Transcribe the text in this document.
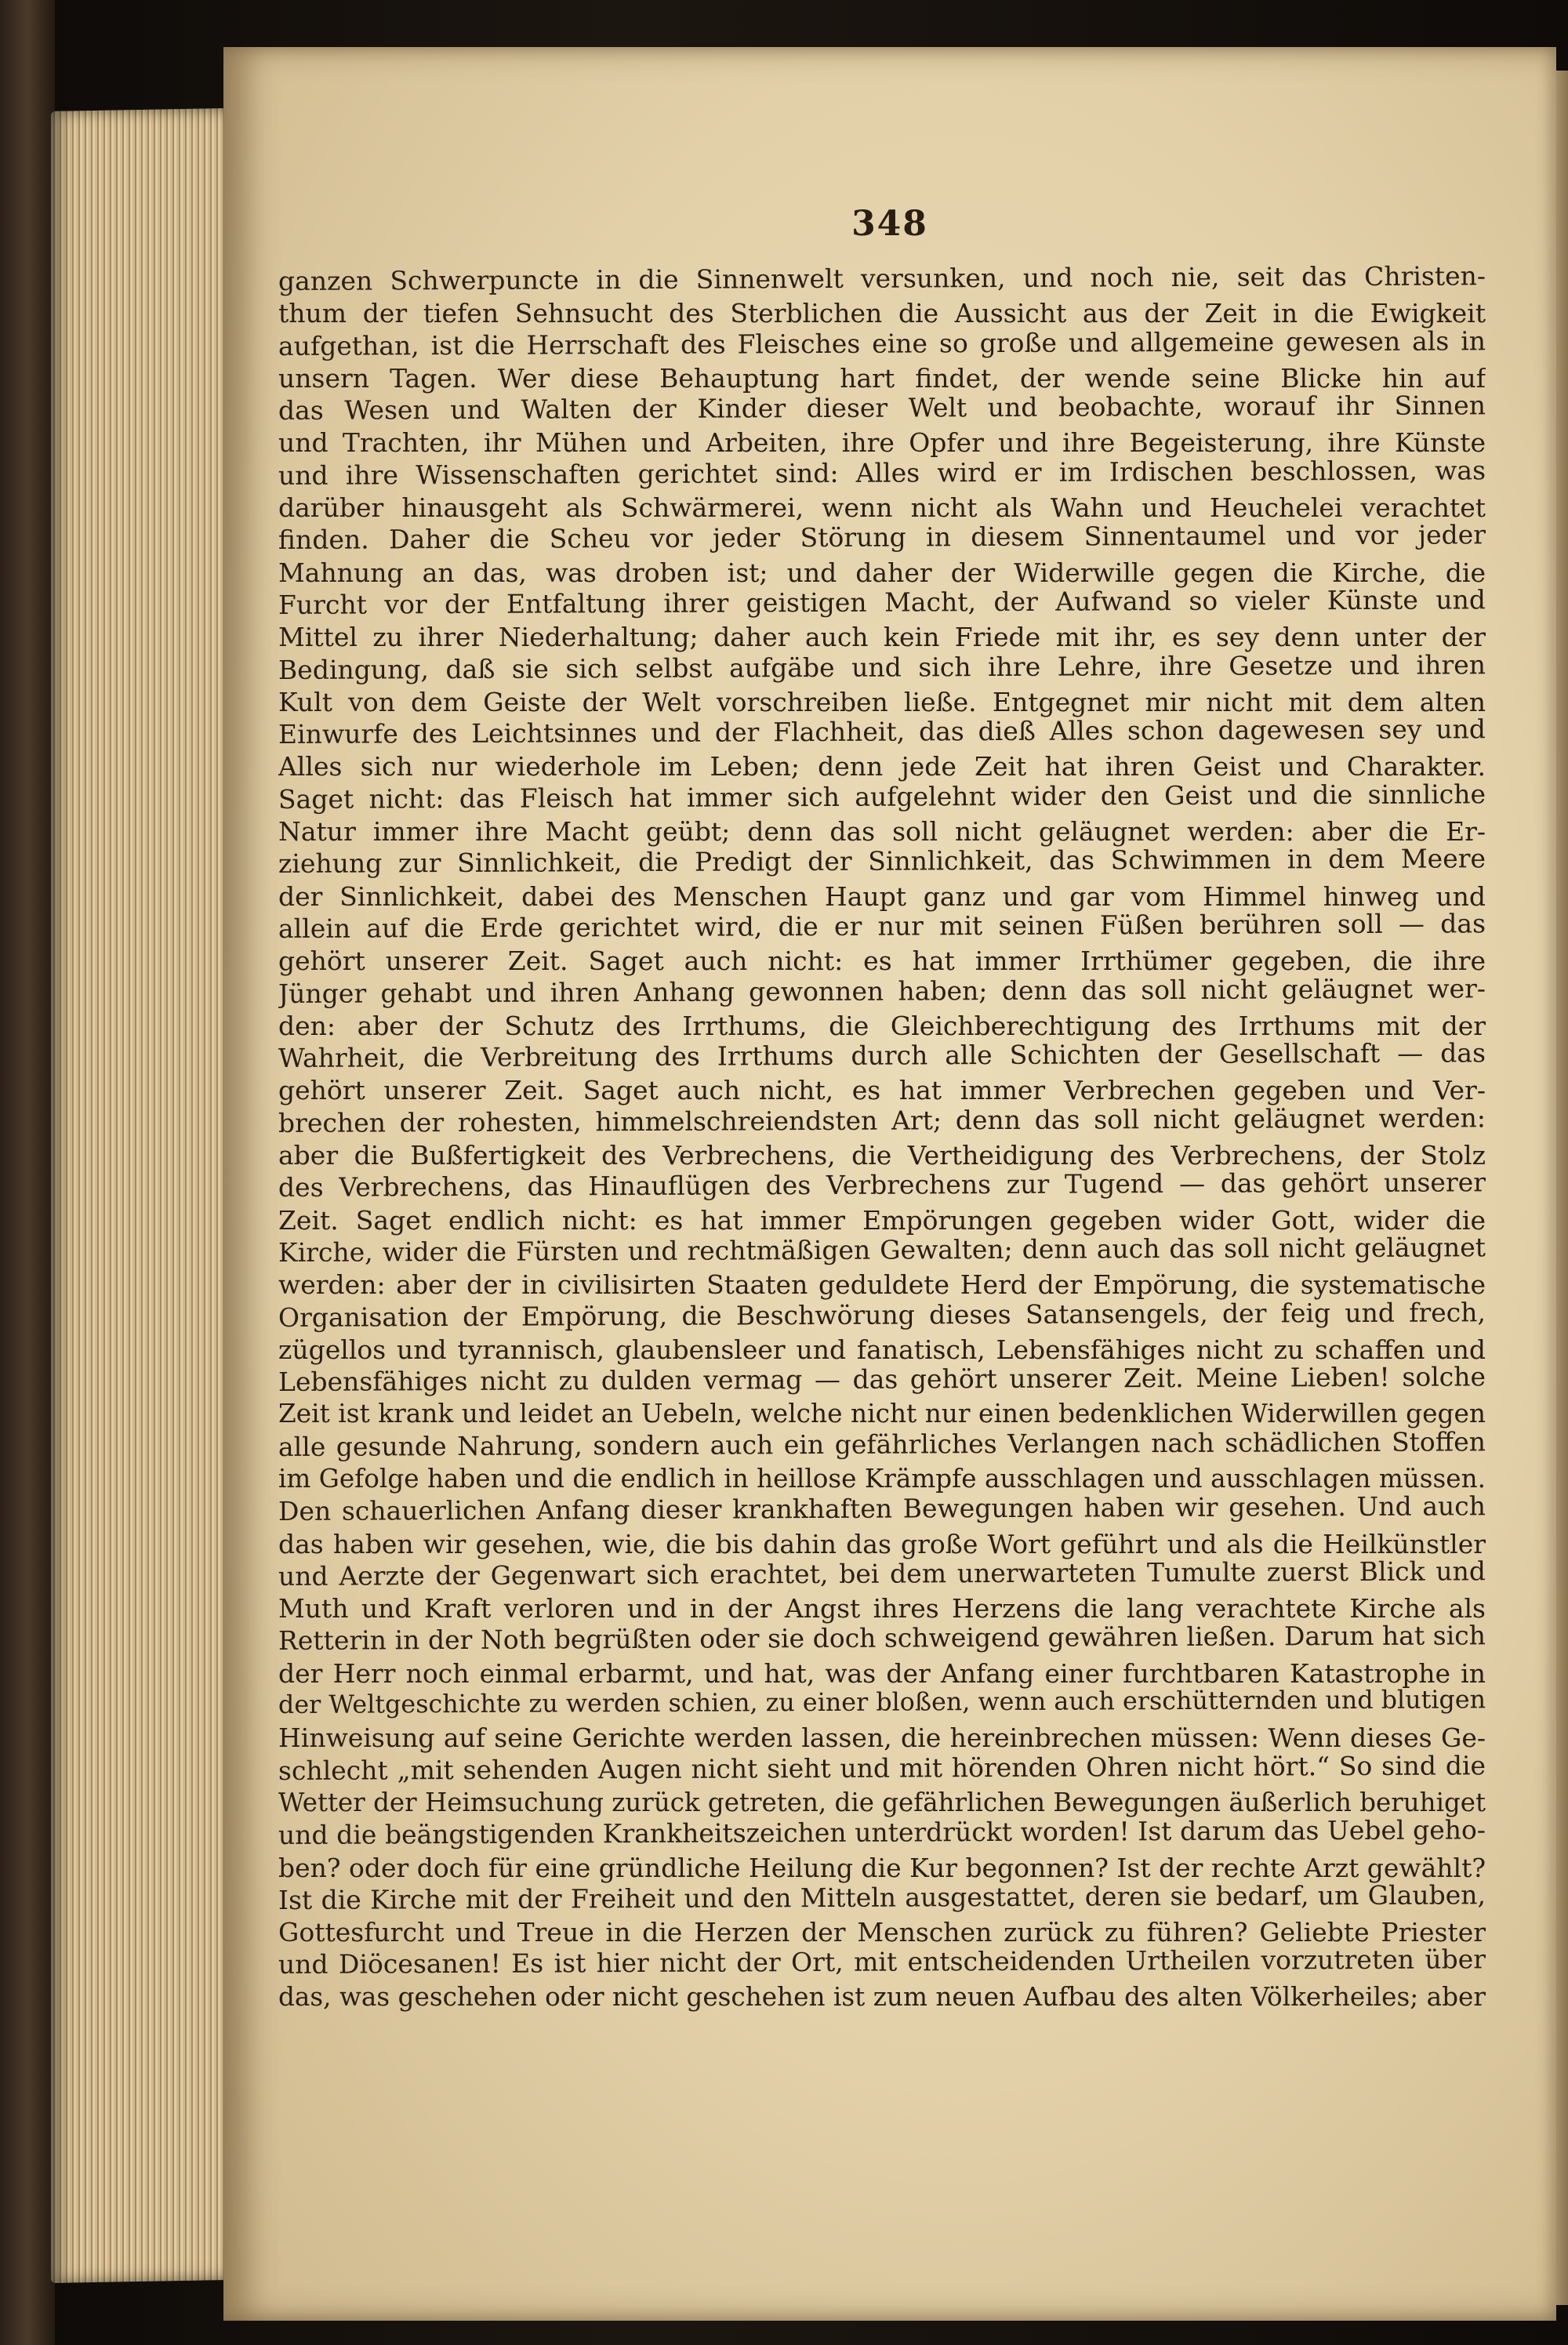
348
ganzen Schwerpuncte in die Sinnenwelt versunken, und noch nie, seit das Christen-
thum der tiefen Sehnsucht des Sterblichen die Aussicht aus der Zeit in die Ewigkeit
aufgethan, ist die Herrschaft des Fleisches eine so große und allgemeine gewesen als in
unsern Tagen. Wer diese Behauptung hart findet, der wende seine Blicke hin auf
das Wesen und Walten der Kinder dieser Welt und beobachte, worauf ihr Sinnen
und Trachten, ihr Mühen und Arbeiten, ihre Opfer und ihre Begeisterung, ihre Künste
und ihre Wissenschaften gerichtet sind: Alles wird er im Irdischen beschlossen, was
darüber hinausgeht als Schwärmerei, wenn nicht als Wahn und Heuchelei verachtet
finden. Daher die Scheu vor jeder Störung in diesem Sinnentaumel und vor jeder
Mahnung an das, was droben ist; und daher der Widerwille gegen die Kirche, die
Furcht vor der Entfaltung ihrer geistigen Macht, der Aufwand so vieler Künste und
Mittel zu ihrer Niederhaltung; daher auch kein Friede mit ihr, es sey denn unter der
Bedingung, daß sie sich selbst aufgäbe und sich ihre Lehre, ihre Gesetze und ihren
Kult von dem Geiste der Welt vorschreiben ließe. Entgegnet mir nicht mit dem alten
Einwurfe des Leichtsinnes und der Flachheit, das dieß Alles schon dagewesen sey und
Alles sich nur wiederhole im Leben; denn jede Zeit hat ihren Geist und Charakter.
Saget nicht: das Fleisch hat immer sich aufgelehnt wider den Geist und die sinnliche
Natur immer ihre Macht geübt; denn das soll nicht geläugnet werden: aber die Er-
ziehung zur Sinnlichkeit, die Predigt der Sinnlichkeit, das Schwimmen in dem Meere
der Sinnlichkeit, dabei des Menschen Haupt ganz und gar vom Himmel hinweg und
allein auf die Erde gerichtet wird, die er nur mit seinen Füßen berühren soll — das
gehört unserer Zeit. Saget auch nicht: es hat immer Irrthümer gegeben, die ihre
Jünger gehabt und ihren Anhang gewonnen haben; denn das soll nicht geläugnet wer-
den: aber der Schutz des Irrthums, die Gleichberechtigung des Irrthums mit der
Wahrheit, die Verbreitung des Irrthums durch alle Schichten der Gesellschaft — das
gehört unserer Zeit. Saget auch nicht, es hat immer Verbrechen gegeben und Ver-
brechen der rohesten, himmelschreiendsten Art; denn das soll nicht geläugnet werden:
aber die Bußfertigkeit des Verbrechens, die Vertheidigung des Verbrechens, der Stolz
des Verbrechens, das Hinauflügen des Verbrechens zur Tugend — das gehört unserer
Zeit. Saget endlich nicht: es hat immer Empörungen gegeben wider Gott, wider die
Kirche, wider die Fürsten und rechtmäßigen Gewalten; denn auch das soll nicht geläugnet
werden: aber der in civilisirten Staaten geduldete Herd der Empörung, die systematische
Organisation der Empörung, die Beschwörung dieses Satansengels, der feig und frech,
zügellos und tyrannisch, glaubensleer und fanatisch, Lebensfähiges nicht zu schaffen und
Lebensfähiges nicht zu dulden vermag — das gehört unserer Zeit. Meine Lieben! solche
Zeit ist krank und leidet an Uebeln, welche nicht nur einen bedenklichen Widerwillen gegen
alle gesunde Nahrung, sondern auch ein gefährliches Verlangen nach schädlichen Stoffen
im Gefolge haben und die endlich in heillose Krämpfe ausschlagen und ausschlagen müssen.
Den schauerlichen Anfang dieser krankhaften Bewegungen haben wir gesehen. Und auch
das haben wir gesehen, wie, die bis dahin das große Wort geführt und als die Heilkünstler
und Aerzte der Gegenwart sich erachtet, bei dem unerwarteten Tumulte zuerst Blick und
Muth und Kraft verloren und in der Angst ihres Herzens die lang verachtete Kirche als
Retterin in der Noth begrüßten oder sie doch schweigend gewähren ließen. Darum hat sich
der Herr noch einmal erbarmt, und hat, was der Anfang einer furchtbaren Katastrophe in
der Weltgeschichte zu werden schien, zu einer bloßen, wenn auch erschütternden und blutigen
Hinweisung auf seine Gerichte werden lassen, die hereinbrechen müssen: Wenn dieses Ge-
schlecht „mit sehenden Augen nicht sieht und mit hörenden Ohren nicht hört.“ So sind die
Wetter der Heimsuchung zurück getreten, die gefährlichen Bewegungen äußerlich beruhiget
und die beängstigenden Krankheitszeichen unterdrückt worden! Ist darum das Uebel geho-
ben? oder doch für eine gründliche Heilung die Kur begonnen? Ist der rechte Arzt gewählt?
Ist die Kirche mit der Freiheit und den Mitteln ausgestattet, deren sie bedarf, um Glauben,
Gottesfurcht und Treue in die Herzen der Menschen zurück zu führen? Geliebte Priester
und Diöcesanen! Es ist hier nicht der Ort, mit entscheidenden Urtheilen vorzutreten über
das, was geschehen oder nicht geschehen ist zum neuen Aufbau des alten Völkerheiles; aber
